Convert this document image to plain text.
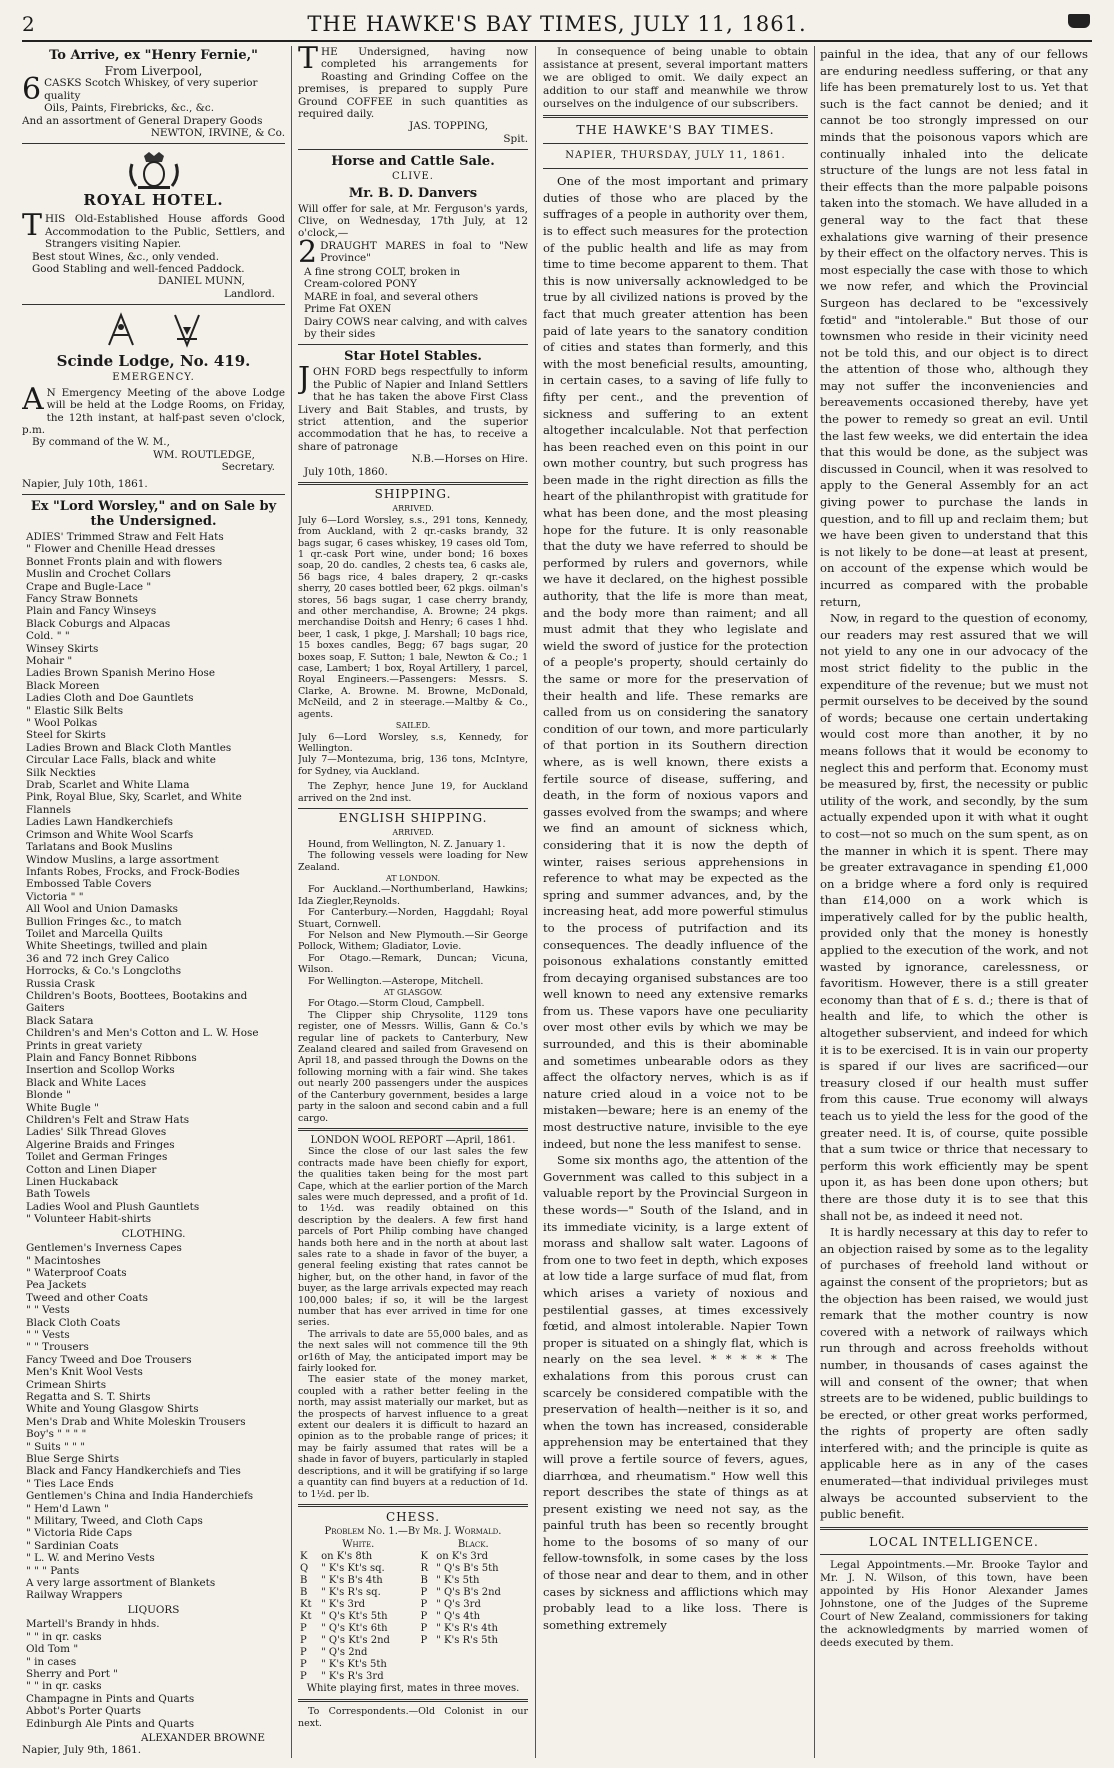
2	THE HAWKE'S BAY TIMES, JULY 11, 1861.
To Arrive, ex "Henry Fernie,"
From Liverpool,
6 CASKS Scotch Whiskey, of very superior quality
Oils, Paints, Firebricks, &c., &c.
And an assortment of General Drapery Goods
NEWTON, IRVINE, & Co.
ROYAL HOTEL.

THIS Old-Established House affords Good Accommodation to the Public, Settlers, and Strangers visiting Napier.

Best stout Wines, &c., only vended.
Good Stabling and well-fenced Paddock.
DANIEL MUNN,
Landlord.
Scinde Lodge, No. 419.
EMERGENCY.

A N Emergency Meeting of the above Lodge will be held at the Lodge Rooms, on Friday, the 12th instant, at half-past seven o'clock, p.m.

By command of the W. M.,
WM. ROUTLEDGE,
Secretary.
Napier, July 10th, 1861.
Ex "Lord Worsley," and on Sale by the Undersigned.
ADIES' Trimmed Straw and Felt Hats
" Flower and Chenille Head dresses
Bonnet Fronts plain and with flowers
Muslin and Crochet Collars
Crape and Bugle-Lace "
Fancy Straw Bonnets
Plain and Fancy Winseys
Black Coburgs and Alpacas
Cold. " "
Winsey Skirts
Mohair "
Ladies Brown Spanish Merino Hose
Black Moreen
Ladies Cloth and Doe Gauntlets
" Elastic Silk Belts
" Wool Polkas
Steel for Skirts
Ladies Brown and Black Cloth Mantles
Circular Lace Falls, black and white
Silk Neckties
Drab, Scarlet and White Llama
Pink, Royal Blue, Sky, Scarlet, and White Flannels
Ladies Lawn Handkerchiefs
Crimson and White Wool Scarfs
Tarlatans and Book Muslins
Window Muslins, a large assortment
Infants Robes, Frocks, and Frock-Bodies
Embossed Table Covers
Victoria " "
All Wool and Union Damasks
Bullion Fringes &c., to match
Toilet and Marcella Quilts
White Sheetings, twilled and plain
36 and 72 inch Grey Calico
Horrocks, & Co.'s Longcloths
Russia Crask
Children's Boots, Boottees, Bootakins and Gaiters
Black Satara
Children's and Men's Cotton and L. W. Hose
Prints in great variety
Plain and Fancy Bonnet Ribbons
Insertion and Scollop Works
Black and White Laces
Blonde "
White Bugle "
Children's Felt and Straw Hats
Ladies' Silk Thread Gloves
Algerine Braids and Fringes
Toilet and German Fringes
Cotton and Linen Diaper
Linen Huckaback
Bath Towels
Ladies Wool and Plush Gauntlets
" Volunteer Habit-shirts
CLOTHING.
Gentlemen's Inverness Capes
" Macintoshes
" Waterproof Coats
Pea Jackets
Tweed and other Coats
" " Vests
Black Cloth Coats
" " Vests
" " Trousers
Fancy Tweed and Doe Trousers
Men's Knit Wool Vests
Crimean Shirts
Regatta and S. T. Shirts
White and Young Glasgow Shirts
Men's Drab and White Moleskin Trousers
Boy's " " " "
" Suits " " "
Blue Serge Shirts
Black and Fancy Handkerchiefs and Ties
" Ties Lace Ends
Gentlemen's China and India Handerchiefs
" Hem'd Lawn "
" Military, Tweed, and Cloth Caps
" Victoria Ride Caps
" Sardinian Coats
" L. W. and Merino Vests
" " " Pants
A very large assortment of Blankets
Railway Wrappers
LIQUORS
Martell's Brandy in hhds.
" " in qr. casks
Old Tom "
" in cases
Sherry and Port "
" " in qr. casks
Champagne in Pints and Quarts
Abbot's Porter Quarts
Edinburgh Ale Pints and Quarts
ALEXANDER BROWNE
Napier, July 9th, 1861.

THE Undersigned, having now completed his arrangements for Roasting and Grinding Coffee on the premises, is prepared to supply Pure Ground COFFEE in such quantities as required daily.

JAS. TOPPING,
Spit.
Horse and Cattle Sale.
CLIVE.
Mr. B. D. Danvers

Will offer for sale, at Mr. Ferguson's yards, Clive, on Wednesday, 17th July, at 12 o'clock,—

2 DRAUGHT MARES in foal to "New Province"

A fine strong COLT, broken in
Cream-colored PONY
MARE in foal, and several others
Prime Fat OXEN
Dairy COWS near calving, and with calves by their sides
Star Hotel Stables.

JOHN FORD begs respectfully to inform the Public of Napier and Inland Settlers that he has taken the above First Class Livery and Bait Stables, and trusts, by strict attention, and the superior accommodation that he has, to receive a share of patronage

N.B.—Horses on Hire.
July 10th, 1860.
SHIPPING.
ARRIVED.

July 6—Lord Worsley, s.s., 291 tons, Kennedy, from Auckland, with 2 qr.-casks brandy, 32 bags sugar, 6 cases whiskey, 19 cases old Tom, 1 qr.-cask Port wine, under bond; 16 boxes soap, 20 do. candles, 2 chests tea, 6 casks ale, 56 bags rice, 4 bales drapery, 2 qr.-casks sherry, 20 cases bottled beer, 62 pkgs. oilman's stores, 56 bags sugar, 1 case cherry brandy, and other merchandise, A. Browne; 24 pkgs. merchandise Doitsh and Henry; 6 cases 1 hhd. beer, 1 cask, 1 pkge, J. Marshall; 10 bags rice, 15 boxes candles, Begg; 67 bags sugar, 20 boxes soap, F. Sutton; 1 bale, Newton & Co.; 1 case, Lambert; 1 box, Royal Artillery, 1 parcel, Royal Engineers.—Passengers: Messrs. S. Clarke, A. Browne. M. Browne, McDonald, McNeild, and 2 in steerage.—Maltby & Co., agents.

SAILED.

July 6—Lord Worsley, s.s, Kennedy, for Wellington.

July 7—Montezuma, brig, 136 tons, McIntyre, for Sydney, via Auckland.

The Zephyr, hence June 19, for Auckland arrived on the 2nd inst.

ENGLISH SHIPPING.
ARRIVED.

Hound, from Wellington, N. Z. January 1.

The following vessels were loading for New Zealand.

AT LONDON.

For Auckland.—Northumberland, Hawkins; Ida Ziegler,Reynolds.

For Canterbury.—Norden, Haggdahl; Royal Stuart, Cornwell.

For Nelson and New Plymouth.—Sir George Pollock, Withem; Gladiator, Lovie.

For Otago.—Remark, Duncan; Vicuna, Wilson.

For Wellington.—Asterope, Mitchell.

AT GLASGOW.

For Otago.—Storm Cloud, Campbell.

The Clipper ship Chrysolite, 1129 tons register, one of Messrs. Willis, Gann & Co.'s regular line of packets to Canterbury, New Zealand cleared and sailed from Gravesend on April 18, and passed through the Downs on the following morning with a fair wind. She takes out nearly 200 passengers under the auspices of the Canterbury government, besides a large party in the saloon and second cabin and a full cargo.

LONDON WOOL REPORT —April, 1861.

Since the close of our last sales the few contracts made have been chiefly for export, the qualities taken being for the most part Cape, which at the earlier portion of the March sales were much depressed, and a profit of 1d. to 1½d. was readily obtained on this description by the dealers. A few first hand parcels of Port Philip combing have changed hands both here and in the north at about last sales rate to a shade in favor of the buyer, a general feeling existing that rates cannot be higher, but, on the other hand, in favor of the buyer, as the large arrivals expected may reach 100,000 bales; if so, it will be the largest number that has ever arrived in time for one series.

The arrivals to date are 55,000 bales, and as the next sales will not commence till the 9th or16th of May, the anticipated import may be fairly looked for.

The easier state of the money market, coupled with a rather better feeling in the north, may assist materially our market, but as the prospects of harvest influence to a great extent our dealers it is difficult to hazard an opinion as to the probable range of prices; it may be fairly assumed that rates will be a shade in favor of buyers, particularly in stapled descriptions, and it will be gratifying if so large a quantity can find buyers at a reduction of 1d. to 1½d. per lb.

CHESS.
Problem No. 1.—By Mr. J. Wormald.
White.		Black.	
K	on K's 8th	K	on K's 3rd
Q	" K's Kt's sq.	R	" Q's B's 5th
B	" K's B's 4th	B	" K's 5th
B	" K's R's sq.	P	" Q's B's 2nd
Kt	" K's 3rd	P	" Q's 3rd
Kt	" Q's Kt's 5th	P	" Q's 4th
P	" Q's Kt's 6th	P	" K's R's 4th
P	" Q's Kt's 2nd	P	" K's R's 5th
P	" Q's 2nd		
P	" K's Kt's 5th		
P	" K's R's 3rd		
White playing first, mates in three moves.

To Correspondents.—Old Colonist in our next.

In consequence of being unable to obtain assistance at present, several important matters we are obliged to omit. We daily expect an addition to our staff and meanwhile we throw ourselves on the indulgence of our subscribers.

THE HAWKE'S BAY TIMES.
NAPIER, THURSDAY, JULY 11, 1861.

One of the most important and primary duties of those who are placed by the suffrages of a people in authority over them, is to effect such measures for the protection of the public health and life as may from time to time become apparent to them. That this is now universally acknowledged to be true by all civilized nations is proved by the fact that much greater attention has been paid of late years to the sanatory condition of cities and states than formerly, and this with the most beneficial results, amounting, in certain cases, to a saving of life fully to fifty per cent., and the prevention of sickness and suffering to an extent altogether incalculable. Not that perfection has been reached even on this point in our own mother country, but such progress has been made in the right direction as fills the heart of the philanthropist with gratitude for what has been done, and the most pleasing hope for the future. It is only reasonable that the duty we have referred to should be performed by rulers and governors, while we have it declared, on the highest possible authority, that the life is more than meat, and the body more than raiment; and all must admit that they who legislate and wield the sword of justice for the protection of a people's property, should certainly do the same or more for the preservation of their health and life. These remarks are called from us on considering the sanatory condition of our town, and more particularly of that portion in its Southern direction where, as is well known, there exists a fertile source of disease, suffering, and death, in the form of noxious vapors and gasses evolved from the swamps; and where we find an amount of sickness which, considering that it is now the depth of winter, raises serious apprehensions in reference to what may be expected as the spring and summer advances, and, by the increasing heat, add more powerful stimulus to the process of putrifaction and its consequences. The deadly influence of the poisonous exhalations constantly emitted from decaying organised substances are too well known to need any extensive remarks from us. These vapors have one peculiarity over most other evils by which we may be surrounded, and this is their abominable and sometimes unbearable odors as they affect the olfactory nerves, which is as if nature cried aloud in a voice not to be mistaken—beware; here is an enemy of the most destructive nature, invisible to the eye indeed, but none the less manifest to sense.

Some six months ago, the attention of the Government was called to this subject in a valuable report by the Provincial Surgeon in these words—" South of the Island, and in its immediate vicinity, is a large extent of morass and shallow salt water. Lagoons of from one to two feet in depth, which exposes at low tide a large surface of mud flat, from which arises a variety of noxious and pestilential gasses, at times excessively fœtid, and almost intolerable. Napier Town proper is situated on a shingly flat, which is nearly on the sea level. * * * * * The exhalations from this porous crust can scarcely be considered compatible with the preservation of health—neither is it so, and when the town has increased, considerable apprehension may be entertained that they will prove a fertile source of fevers, agues, diarrhœa, and rheumatism." How well this report describes the state of things as at present existing we need not say, as the painful truth has been so recently brought home to the bosoms of so many of our fellow-townsfolk, in some cases by the loss of those near and dear to them, and in other cases by sickness and afflictions which may probably lead to a like loss. There is something extremely

painful in the idea, that any of our fellows are enduring needless suffering, or that any life has been prematurely lost to us. Yet that such is the fact cannot be denied; and it cannot be too strongly impressed on our minds that the poisonous vapors which are continually inhaled into the delicate structure of the lungs are not less fatal in their effects than the more palpable poisons taken into the stomach. We have alluded in a general way to the fact that these exhalations give warning of their presence by their effect on the olfactory nerves. This is most especially the case with those to which we now refer, and which the Provincial Surgeon has declared to be "excessively fœtid" and "intolerable." But those of our townsmen who reside in their vicinity need not be told this, and our object is to direct the attention of those who, although they may not suffer the inconveniencies and bereavements occasioned thereby, have yet the power to remedy so great an evil. Until the last few weeks, we did entertain the idea that this would be done, as the subject was discussed in Council, when it was resolved to apply to the General Assembly for an act giving power to purchase the lands in question, and to fill up and reclaim them; but we have been given to understand that this is not likely to be done—at least at present, on account of the expense which would be incurred as compared with the probable return,

Now, in regard to the question of economy, our readers may rest assured that we will not yield to any one in our advocacy of the most strict fidelity to the public in the expenditure of the revenue; but we must not permit ourselves to be deceived by the sound of words; because one certain undertaking would cost more than another, it by no means follows that it would be economy to neglect this and perform that. Economy must be measured by, first, the necessity or public utility of the work, and secondly, by the sum actually expended upon it with what it ought to cost—not so much on the sum spent, as on the manner in which it is spent. There may be greater extravagance in spending £1,000 on a bridge where a ford only is required than £14,000 on a work which is imperatively called for by the public health, provided only that the money is honestly applied to the execution of the work, and not wasted by ignorance, carelessness, or favoritism. However, there is a still greater economy than that of £ s. d.; there is that of health and life, to which the other is altogether subservient, and indeed for which it is to be exercised. It is in vain our property is spared if our lives are sacrificed—our treasury closed if our health must suffer from this cause. True economy will always teach us to yield the less for the good of the greater need. It is, of course, quite possible that a sum twice or thrice that necessary to perform this work efficiently may be spent upon it, as has been done upon others; but there are those duty it is to see that this shall not be, as indeed it need not.

It is hardly necessary at this day to refer to an objection raised by some as to the legality of purchases of freehold land without or against the consent of the proprietors; but as the objection has been raised, we would just remark that the mother country is now covered with a network of railways which run through and across freeholds without number, in thousands of cases against the will and consent of the owner; that when streets are to be widened, public buildings to be erected, or other great works performed, the rights of property are often sadly interfered with; and the principle is quite as applicable here as in any of the cases enumerated—that individual privileges must always be accounted subservient to the public benefit.

LOCAL INTELLIGENCE.

Legal Appointments.—Mr. Brooke Taylor and Mr. J. N. Wilson, of this town, have been appointed by His Honor Alexander James Johnstone, one of the Judges of the Supreme Court of New Zealand, commissioners for taking the acknowledgments by married women of deeds executed by them.
